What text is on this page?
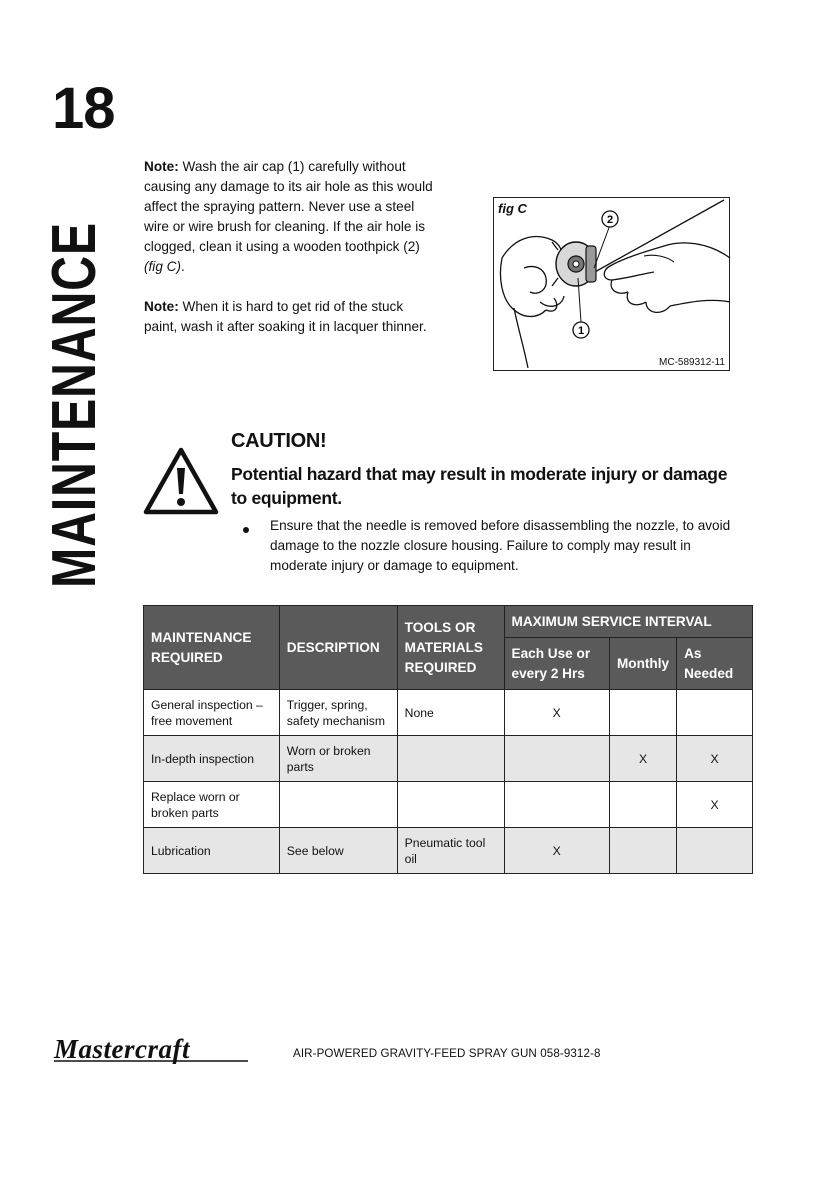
18
MAINTENANCE

Note: Wash the air cap (1) carefully without causing any damage to its air hole as this would affect the spraying pattern. Never use a steel wire or wire brush for cleaning. If the air hole is clogged, clean it using a wooden toothpick (2) (fig C).

Note: When it is hard to get rid of the stuck paint, wash it after soaking it in lacquer thinner.

2
1
fig C
MC-589312-11
CAUTION!
Potential hazard that may result in moderate injury or damage to equipment.
Ensure that the needle is removed before disassembling the nozzle, to avoid damage to the nozzle closure housing. Failure to comply may result in moderate injury or damage to equipment.
MAINTENANCE REQUIRED	DESCRIPTION	TOOLS OR MATERIALS REQUIRED	MAXIMUM SERVICE INTERVAL		
			Each Use or every 2 Hrs	Monthly	As Needed
General inspection – free movement	Trigger, spring, safety mechanism	None	X		
In-depth inspection	Worn or broken parts			X	X
Replace worn or broken parts					X
Lubrication	See below	Pneumatic tool oil	X		
Mastercraft	AIR-POWERED GRAVITY-FEED SPRAY GUN 058-9312-8
